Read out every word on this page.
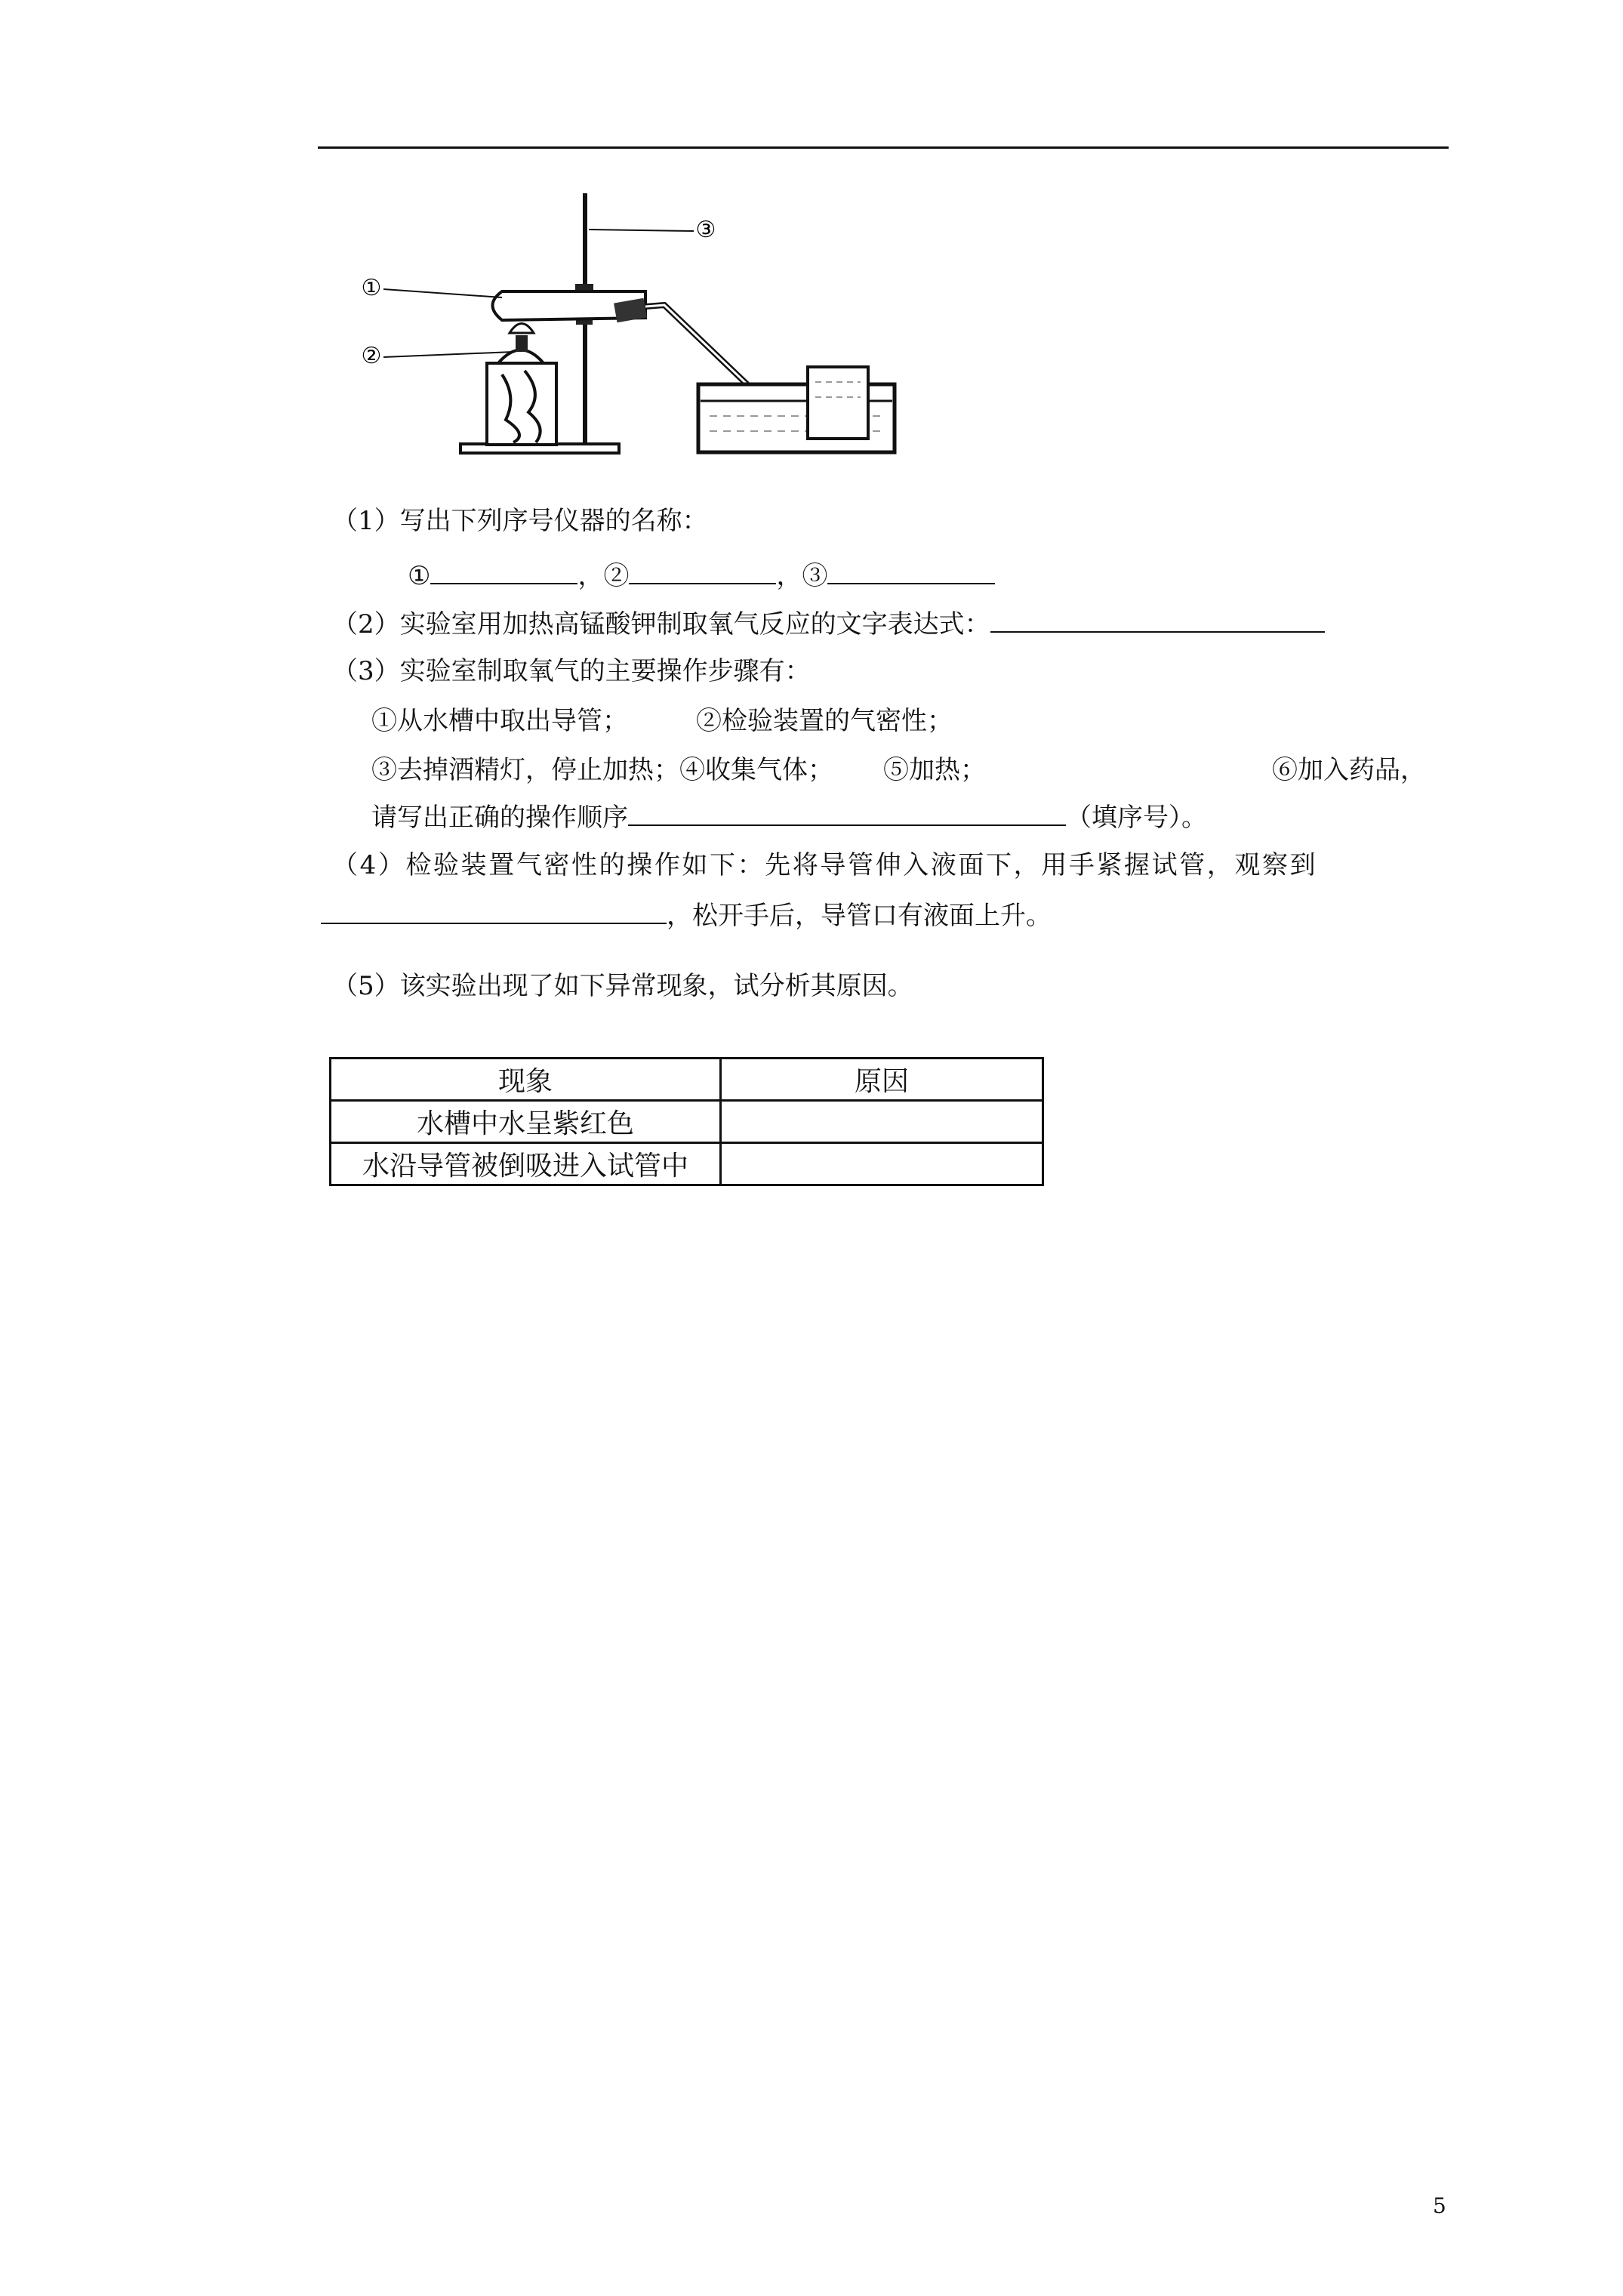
①
②
③
（1）写出下列序号仪器的名称：
①	，②	，③
（2）实验室用加热高锰酸钾制取氧气反应的文字表达式：
（3）实验室制取氧气的主要操作步骤有：
①从水槽中取出导管；	②检验装置的气密性；
③去掉酒精灯，停止加热；④收集气体； ⑤加热；	⑥加入药品，
请写出正确的操作顺序	（填序号）。
（4）检验装置气密性的操作如下：先将导管伸入液面下，用手紧握试管，观察到
，松开手后，导管口有液面上升。
（5）该实验出现了如下异常现象，试分析其原因。
现象	原因
水槽中水呈紫红色	
水沿导管被倒吸进入试管中	
5
